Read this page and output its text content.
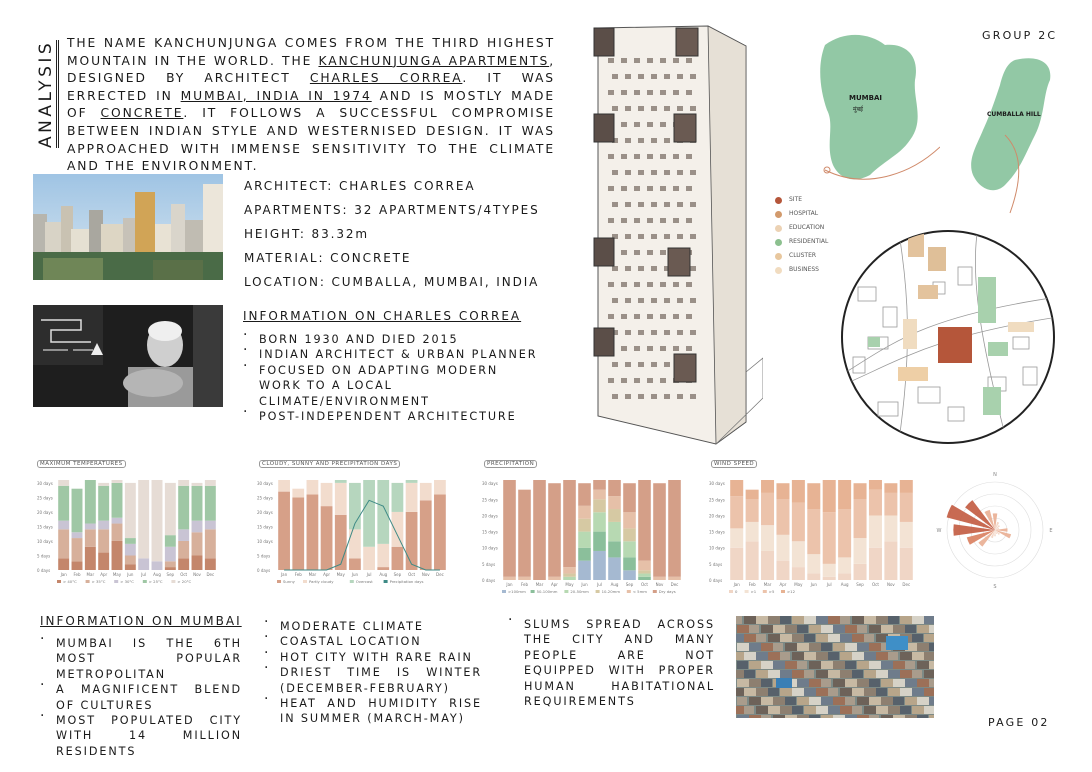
ANALYSIS THE NAME KANCHUNJUNGA COMES FROM THE THIRD HIGHEST MOUNTAIN IN THE WORLD. THE KANCHUNJUNGA APARTMENTS, DESIGNED BY ARCHITECT CHARLES CORREA. IT WAS ERRECTED IN MUMBAI, INDIA IN 1974 AND IS MOSTLY MADE OF CONCRETE. IT FOLLOWS A SUCCESSFUL COMPROMISE BETWEEN INDIAN STYLE AND WESTERNISED DESIGN. IT WAS APPROACHED WITH IMMENSE SENSITIVITY TO THE CLIMATE AND THE ENVIRONMENT.
GROUP 2C
PAGE 02
ARCHITECT: CHARLES CORREA
APARTMENTS: 32 APARTMENTS/4TYPES
HEIGHT: 83.32m
MATERIAL: CONCRETE
LOCATION: CUMBALLA, MUMBAI, INDIA
INFORMATION ON CHARLES CORREA
· BORN 1930 AND DIED 2015
· INDIAN ARCHITECT & URBAN PLANNER
· FOCUSED ON ADAPTING MODERN WORK TO A LOCAL CLIMATE/ENVIRONMENT
· POST-INDEPENDENT ARCHITECTURE
MUMBAI
मुंबई
CUMBALLA HILL
SITE
HOSPITAL
EDUCATION
RESIDENTIAL
CLUSTER
BUSINESS
0 days
5 days
10 days
15 days
20 days
25 days
30 days
Jan Feb Mar Apr May Jun Jul Aug Sep Oct Nov Dec
> 40°C	> 35°C	> 30°C	> 25°C	> 20°C
MAXIMUM TEMPERATURES
0 days
5 days
10 days
15 days
20 days
25 days
30 days
Jan Feb Mar Apr May Jun Jul Aug Sep Oct Nov Dec
Sunny	Partly cloudy	Overcast	Precipitation days
CLOUDY, SUNNY AND PRECIPITATION DAYS
0 days
5 days
10 days
15 days
20 days
25 days
30 days
Jan Feb Mar Apr May Jun Jul Aug Sep Oct Nov Dec
>100mm	50-100mm	20-50mm	10-20mm	< 5mm	Dry days
PRECIPITATION
0 days
5 days
10 days
15 days
20 days
25 days
30 days
Jan Feb Mar Apr May Jun Jul Aug Sep Oct Nov Dec
0	>1	>5	>12
WIND SPEED
N
E
S
W
INFORMATION ON MUMBAI
· MUMBAI IS THE 6TH MOST POPULAR METROPOLITAN
· A MAGNIFICENT BLEND OF CULTURES
· MOST POPULATED CITY WITH 14 MILLION RESIDENTS
· MODERATE CLIMATE
· COASTAL LOCATION
· HOT CITY WITH RARE RAIN
· DRIEST TIME IS WINTER (DECEMBER-FEBRUARY)
· HEAT AND HUMIDITY RISE IN SUMMER (MARCH-MAY)
· SLUMS SPREAD ACROSS THE CITY AND MANY PEOPLE ARE NOT EQUIPPED WITH PROPER HUMAN HABITATIONAL REQUIREMENTS
